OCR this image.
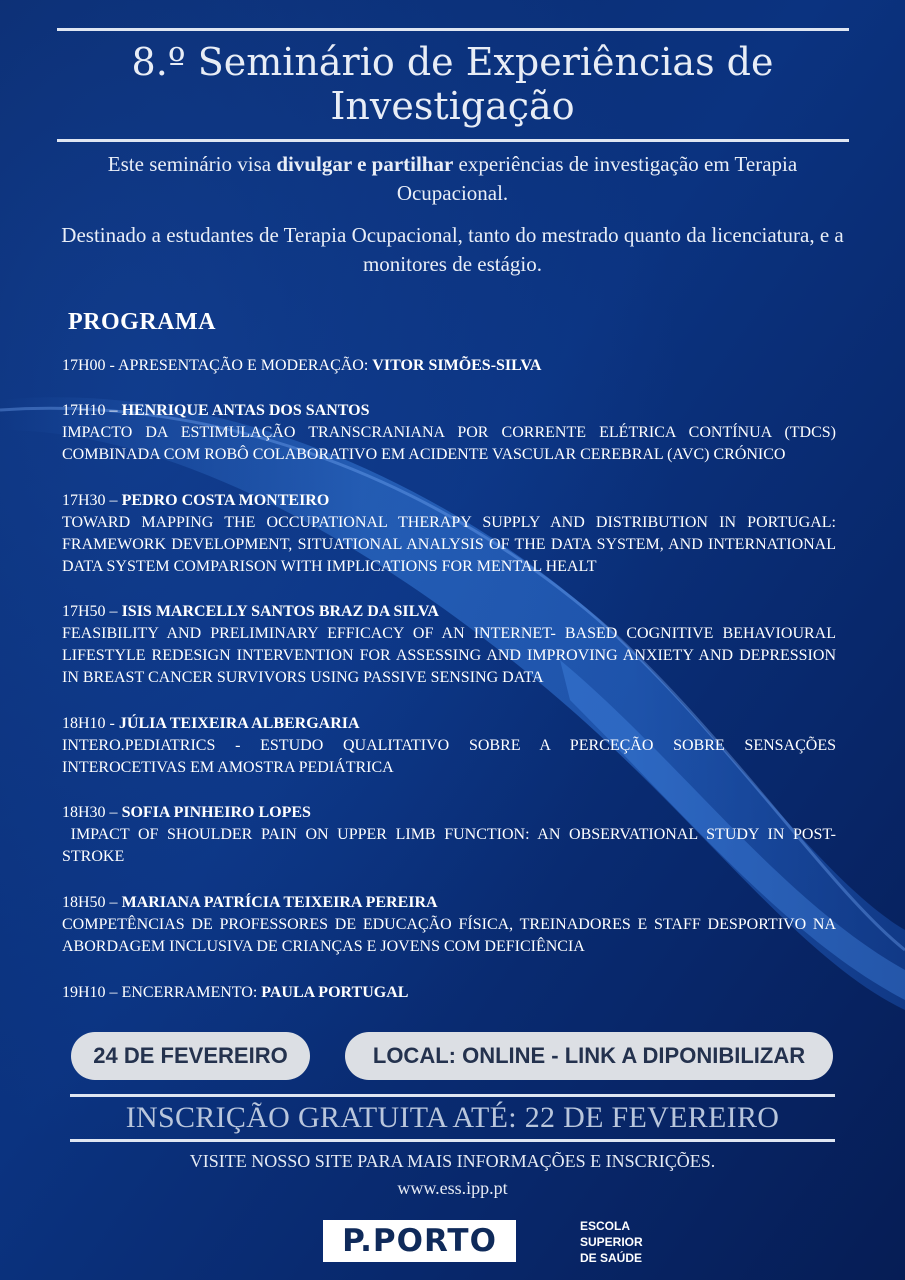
8.º Seminário de Experiências de Investigação
Este seminário visa divulgar e partilhar experiências de investigação em Terapia Ocupacional.
Destinado a estudantes de Terapia Ocupacional, tanto do mestrado quanto da licenciatura, e a monitores de estágio.
PROGRAMA
17H00 - APRESENTAÇÃO E MODERAÇÃO: VITOR SIMÕES-SILVA
17H10 – HENRIQUE ANTAS DOS SANTOS
IMPACTO DA ESTIMULAÇÃO TRANSCRANIANA POR CORRENTE ELÉTRICA CONTÍNUA (TDCS) COMBINADA COM ROBÔ COLABORATIVO EM ACIDENTE VASCULAR CEREBRAL (AVC) CRÓNICO
17H30 – PEDRO COSTA MONTEIRO
TOWARD MAPPING THE OCCUPATIONAL THERAPY SUPPLY AND DISTRIBUTION IN PORTUGAL: FRAMEWORK DEVELOPMENT, SITUATIONAL ANALYSIS OF THE DATA SYSTEM, AND INTERNATIONAL DATA SYSTEM COMPARISON WITH IMPLICATIONS FOR MENTAL HEALT
17H50 – ISIS MARCELLY SANTOS BRAZ DA SILVA
FEASIBILITY AND PRELIMINARY EFFICACY OF AN INTERNET- BASED COGNITIVE BEHAVIOURAL LIFESTYLE REDESIGN INTERVENTION FOR ASSESSING AND IMPROVING ANXIETY AND DEPRESSION IN BREAST CANCER SURVIVORS USING PASSIVE SENSING DATA
18H10 - JÚLIA TEIXEIRA ALBERGARIA
INTERO.PEDIATRICS - ESTUDO QUALITATIVO SOBRE A PERCEÇÃO SOBRE SENSAÇÕES INTEROCETIVAS EM AMOSTRA PEDIÁTRICA
18H30 – SOFIA PINHEIRO LOPES
IMPACT OF SHOULDER PAIN ON UPPER LIMB FUNCTION: AN OBSERVATIONAL STUDY IN POST-STROKE
18H50 – MARIANA PATRÍCIA TEIXEIRA PEREIRA
COMPETÊNCIAS DE PROFESSORES DE EDUCAÇÃO FÍSICA, TREINADORES E STAFF DESPORTIVO NA ABORDAGEM INCLUSIVA DE CRIANÇAS E JOVENS COM DEFICIÊNCIA
19H10 – ENCERRAMENTO: PAULA PORTUGAL
24 DE FEVEREIRO	LOCAL: ONLINE - LINK A DIPONIBILIZAR
INSCRIÇÃO GRATUITA ATÉ: 22 DE FEVEREIRO
VISITE NOSSO SITE PARA MAIS INFORMAÇÕES E INSCRIÇÕES.
www.ess.ipp.pt
P.PORTO	ESCOLA
SUPERIOR
DE SAÚDE
